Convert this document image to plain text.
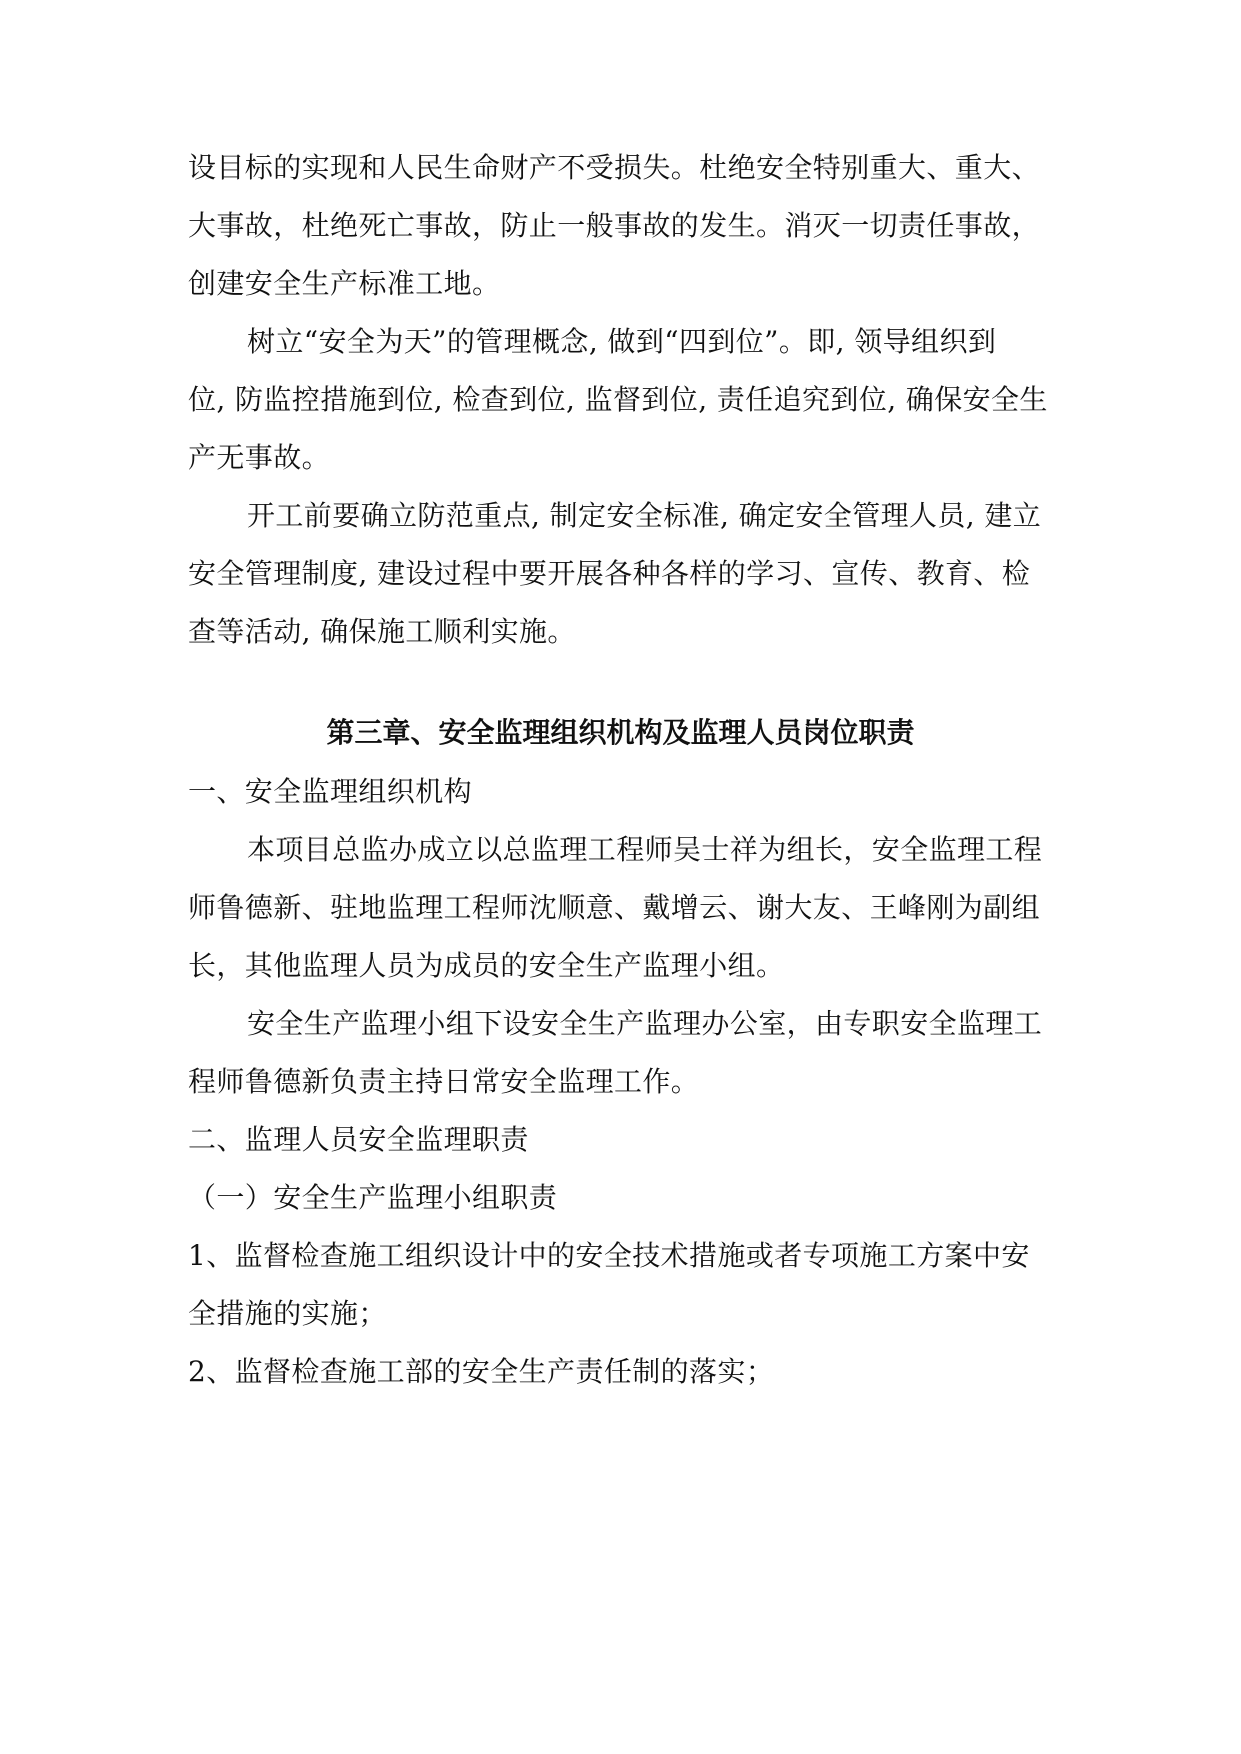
设目标的实现和人民生命财产不受损失。杜绝安全特别重大、重大、
大事故，杜绝死亡事故，防止一般事故的发生。消灭一切责任事故，
创建安全生产标准工地。
树立“安全为天”的管理概念, 做到“四到位”。即, 领导组织到
位, 防监控措施到位, 检查到位, 监督到位, 责任追究到位, 确保安全生
产无事故。
开工前要确立防范重点, 制定安全标准, 确定安全管理人员, 建立
安全管理制度, 建设过程中要开展各种各样的学习、宣传、教育、检
查等活动, 确保施工顺利实施。
第三章、安全监理组织机构及监理人员岗位职责
一、安全监理组织机构
本项目总监办成立以总监理工程师吴士祥为组长，安全监理工程
师鲁德新、驻地监理工程师沈顺意、戴增云、谢大友、王峰刚为副组
长，其他监理人员为成员的安全生产监理小组。
安全生产监理小组下设安全生产监理办公室，由专职安全监理工
程师鲁德新负责主持日常安全监理工作。
二、监理人员安全监理职责
（一）安全生产监理小组职责
1、监督检查施工组织设计中的安全技术措施或者专项施工方案中安
全措施的实施；
2、监督检查施工部的安全生产责任制的落实；
